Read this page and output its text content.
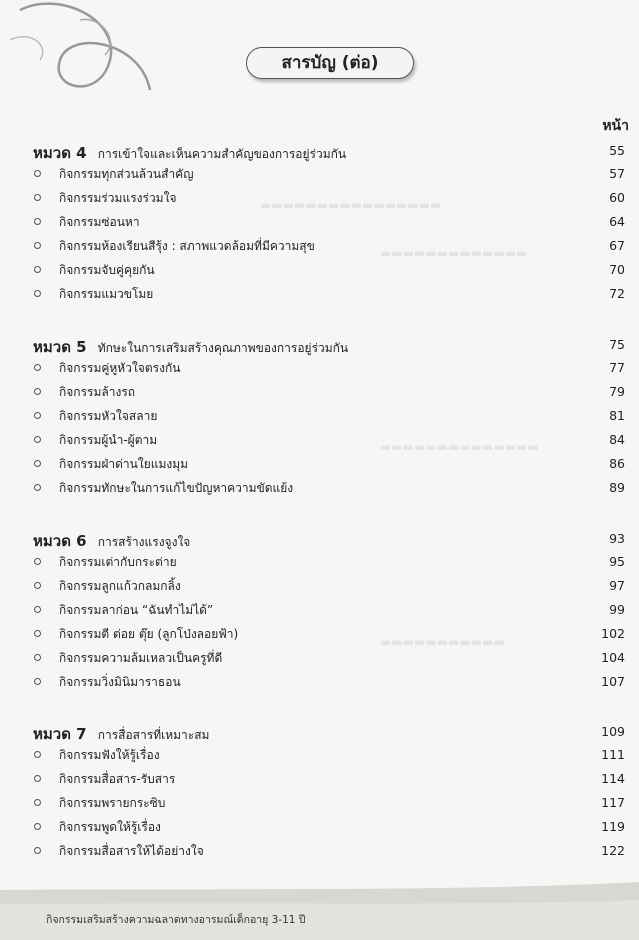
สารบัญ (ต่อ)
หน้า
▬▬▬▬▬▬▬▬▬▬▬▬▬▬▬▬
▬▬▬▬▬▬▬▬▬▬▬▬▬
▬▬▬▬▬▬▬▬▬▬▬▬▬▬
▬▬▬▬▬▬▬▬▬▬▬
หมวด 4 การเข้าใจและเห็นความสำคัญของการอยู่ร่วมกัน	55
กิจกรรมทุกส่วนล้วนสำคัญ	57
กิจกรรมร่วมแรงร่วมใจ	60
กิจกรรมซ่อนหา	64
กิจกรรมห้องเรียนสีรุ้ง : สภาพแวดล้อมที่มีความสุข	67
กิจกรรมจับคู่คุยกัน	70
กิจกรรมแมวขโมย	72
หมวด 5 ทักษะในการเสริมสร้างคุณภาพของการอยู่ร่วมกัน	75
กิจกรรมคู่หูหัวใจตรงกัน	77
กิจกรรมล้างรถ	79
กิจกรรมหัวใจสลาย	81
กิจกรรมผู้นำ-ผู้ตาม	84
กิจกรรมฝ่าด่านใยแมงมุม	86
กิจกรรมทักษะในการแก้ไขปัญหาความขัดแย้ง	89
หมวด 6 การสร้างแรงจูงใจ	93
กิจกรรมเต่ากับกระต่าย	95
กิจกรรมลูกแก้วกลมกลิ้ง	97
กิจกรรมลาก่อน “ฉันทำไม่ได้”	99
กิจกรรมตี ต่อย ตุ๊ย (ลูกโป่งลอยฟ้า)	102
กิจกรรมความล้มเหลวเป็นครูที่ดี	104
กิจกรรมวิ่งมินิมาราธอน	107
หมวด 7 การสื่อสารที่เหมาะสม	109
กิจกรรมฟังให้รู้เรื่อง	111
กิจกรรมสื่อสาร-รับสาร	114
กิจกรรมพรายกระซิบ	117
กิจกรรมพูดให้รู้เรื่อง	119
กิจกรรมสื่อสารให้ได้อย่างใจ	122
กิจกรรมเสริมสร้างความฉลาดทางอารมณ์เด็กอายุ 3-11 ปี
